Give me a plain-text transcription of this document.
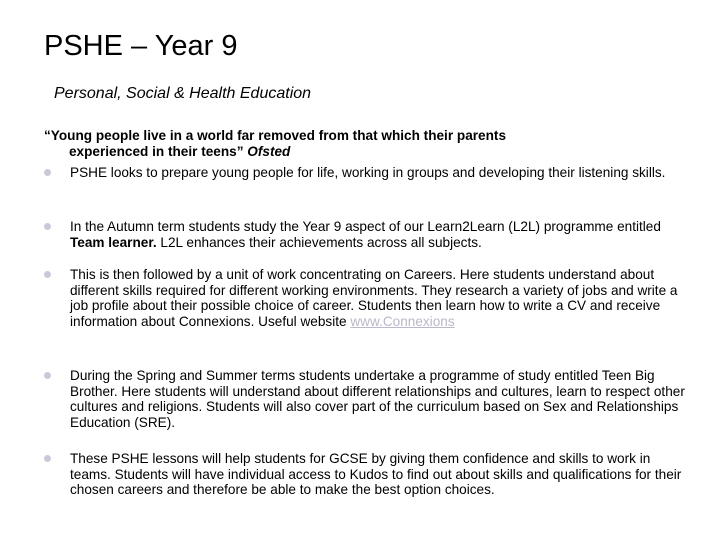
PSHE – Year 9
Personal, Social & Health Education
“Young people live in a world far removed from that which their parents
experienced in their teens” Ofsted
PSHE looks to prepare young people for life, working in groups and developing their listening skills.
In the Autumn term students study the Year 9 aspect of our Learn2Learn (L2L) programme entitled Team learner. L2L enhances their achievements across all subjects.
This is then followed by a unit of work concentrating on Careers. Here students understand about different skills required for different working environments. They research a variety of jobs and write a job profile about their possible choice of career. Students then learn how to write a CV and receive information about Connexions. Useful website www.Connexions
During the Spring and Summer terms students undertake a programme of study entitled Teen Big Brother. Here students will understand about different relationships and cultures, learn to respect other cultures and religions. Students will also cover part of the curriculum based on Sex and Relationships Education (SRE).
These PSHE lessons will help students for GCSE by giving them confidence and skills to work in teams. Students will have individual access to Kudos to find out about skills and qualifications for their chosen careers and therefore be able to make the best option choices.
